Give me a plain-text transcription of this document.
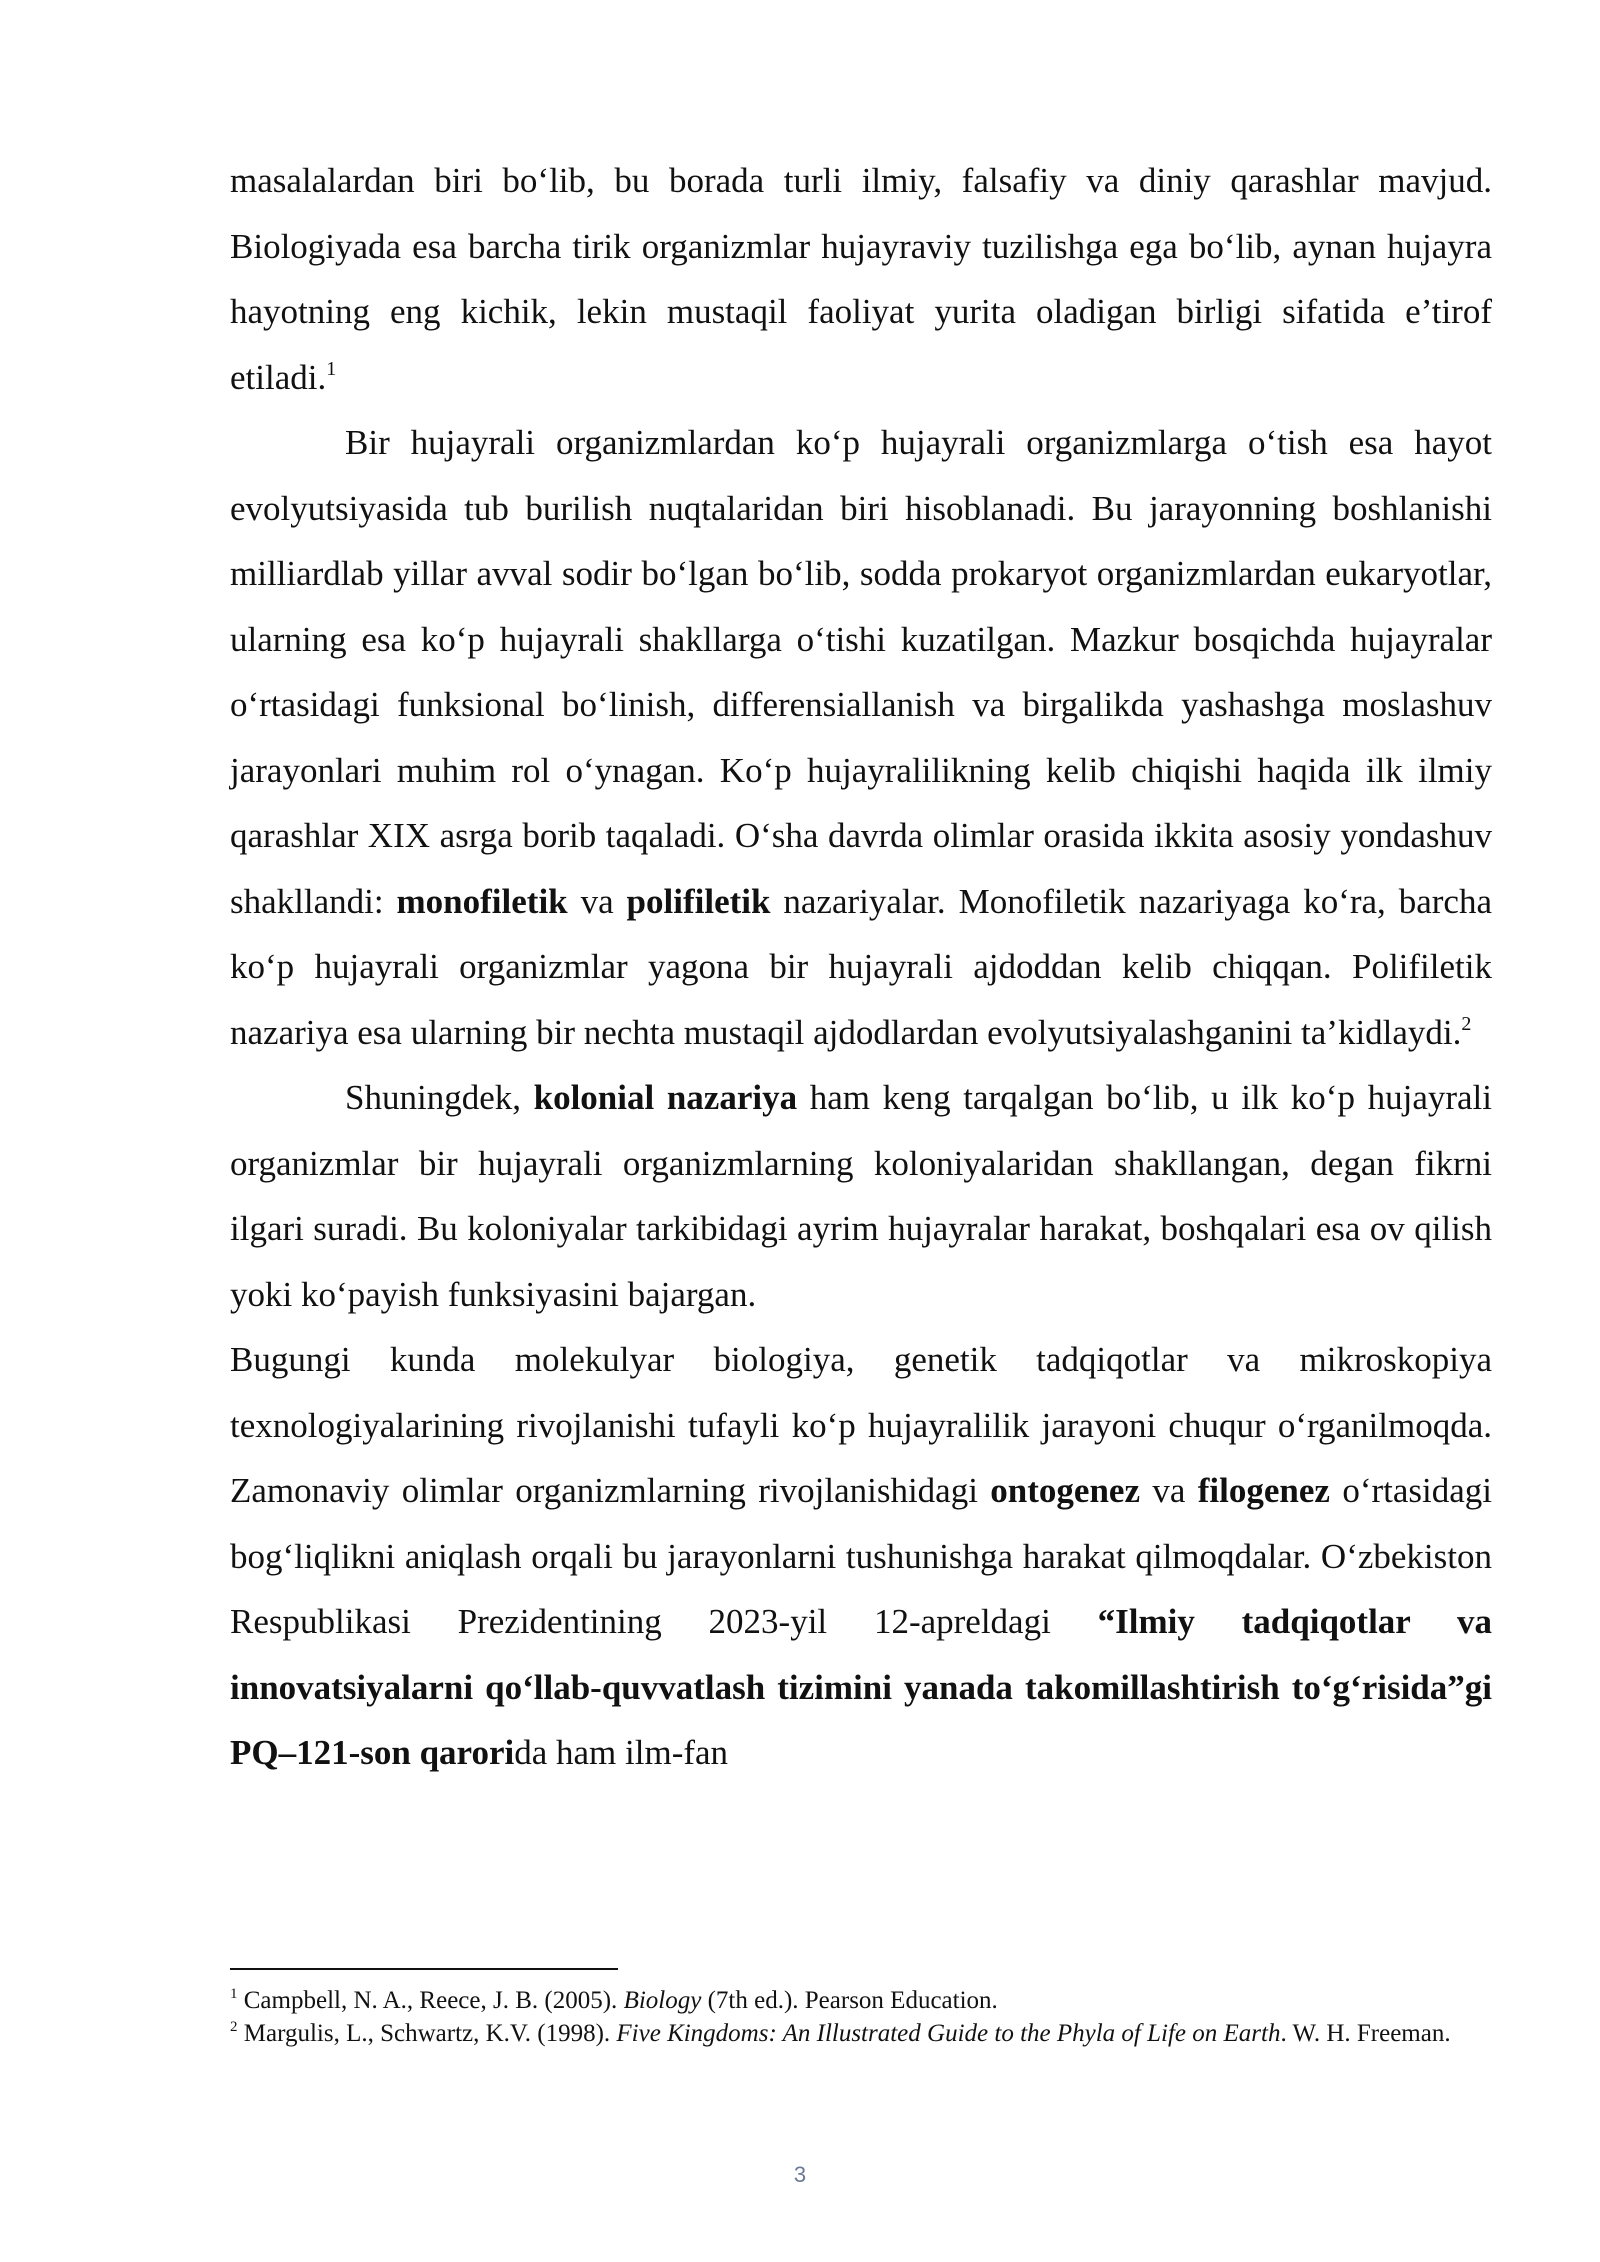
masalalardan biri bo‘lib, bu borada turli ilmiy, falsafiy va diniy qarashlar mavjud. Biologiyada esa barcha tirik organizmlar hujayraviy tuzilishga ega bo‘lib, aynan hujayra hayotning eng kichik, lekin mustaqil faoliyat yurita oladigan birligi sifatida e’tirof etiladi.$^1$

Bir hujayrali organizmlardan ko‘p hujayrali organizmlarga o‘tish esa hayot evolyutsiyasida tub burilish nuqtalaridan biri hisoblanadi. Bu jarayonning boshlanishi milliardlab yillar avval sodir bo‘lgan bo‘lib, sodda prokaryot organizmlardan eukaryotlar, ularning esa ko‘p hujayrali shakllarga o‘tishi kuzatilgan. Mazkur bosqichda hujayralar o‘rtasidagi funksional bo‘linish, differensiallanish va birgalikda yashashga moslashuv jarayonlari muhim rol o‘ynagan. Ko‘p hujayralilikning kelib chiqishi haqida ilk ilmiy qarashlar XIX asrga borib taqaladi. O‘sha davrda olimlar orasida ikkita asosiy yondashuv shakllandi: monofiletik va polifiletik nazariyalar. Monofiletik nazariyaga ko‘ra, barcha ko‘p hujayrali organizmlar yagona bir hujayrali ajdoddan kelib chiqqan. Polifiletik nazariya esa ularning bir nechta mustaqil ajdodlardan evolyutsiyalashganini ta’kidlaydi.$^2$

Shuningdek, kolonial nazariya ham keng tarqalgan bo‘lib, u ilk ko‘p hujayrali organizmlar bir hujayrali organizmlarning koloniyalaridan shakllangan, degan fikrni ilgari suradi. Bu koloniyalar tarkibidagi ayrim hujayralar harakat, boshqalari esa ov qilish yoki ko‘payish funksiyasini bajargan.

Bugungi kunda molekulyar biologiya, genetik tadqiqotlar va mikroskopiya texnologiyalarining rivojlanishi tufayli ko‘p hujayralilik jarayoni chuqur o‘rganilmoqda. Zamonaviy olimlar organizmlarning rivojlanishidagi ontogenez va filogenez o‘rtasidagi bog‘liqlikni aniqlash orqali bu jarayonlarni tushunishga harakat qilmoqdalar. O‘zbekiston Respublikasi Prezidentining 2023-yil 12-apreldagi “Ilmiy tadqiqotlar va innovatsiyalarni qo‘llab-quvvatlash tizimini yanada takomillashtirish to‘g‘risida”gi PQ–121-son qarorida ham ilm-fan

$^1$ Campbell, N. A., Reece, J. B. (2005). Biology (7th ed.). Pearson Education.

$^2$ Margulis, L., Schwartz, K.V. (1998). Five Kingdoms: An Illustrated Guide to the Phyla of Life on Earth. W. H. Freeman.

3
